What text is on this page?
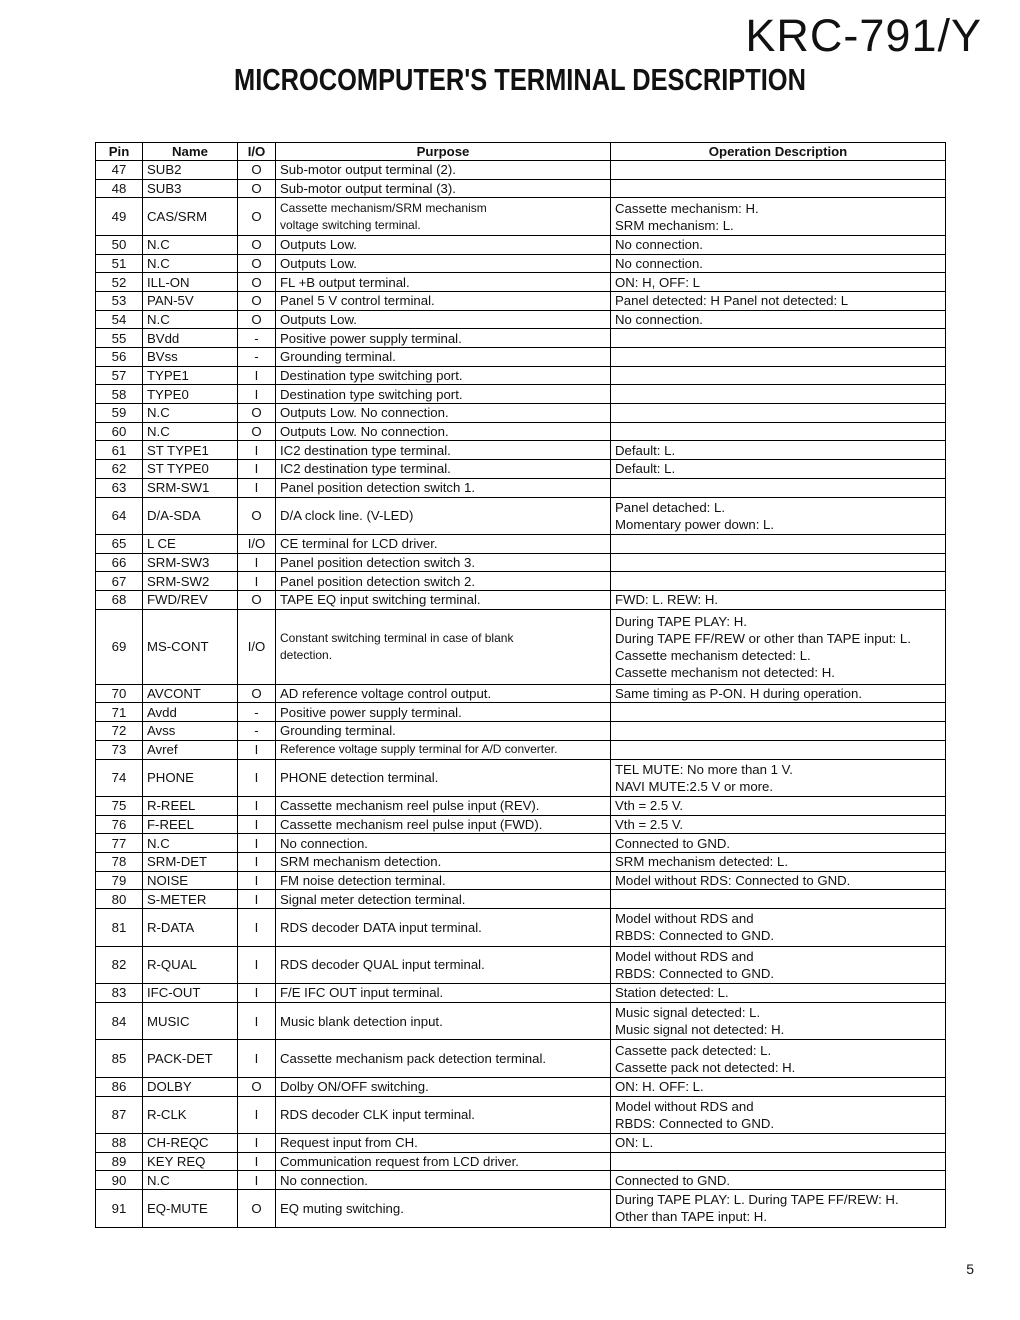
KRC-791/Y
MICROCOMPUTER'S TERMINAL DESCRIPTION
Pin	Name	I/O	Purpose	Operation Description
47	SUB2	O	Sub-motor output terminal (2).	
48	SUB3	O	Sub-motor output terminal (3).	
49	CAS/SRM	O	Cassette mechanism/SRM mechanism
voltage switching terminal.	Cassette mechanism: H.
SRM mechanism: L.
50	N.C	O	Outputs Low.	No connection.
51	N.C	O	Outputs Low.	No connection.
52	ILL-ON	O	FL +B output terminal.	ON: H, OFF: L
53	PAN-5V	O	Panel 5 V control terminal.	Panel detected: H Panel not detected: L
54	N.C	O	Outputs Low.	No connection.
55	BVdd	-	Positive power supply terminal.	
56	BVss	-	Grounding terminal.	
57	TYPE1	I	Destination type switching port.	
58	TYPE0	I	Destination type switching port.	
59	N.C	O	Outputs Low. No connection.	
60	N.C	O	Outputs Low. No connection.	
61	ST TYPE1	I	IC2 destination type terminal.	Default: L.
62	ST TYPE0	I	IC2 destination type terminal.	Default: L.
63	SRM-SW1	I	Panel position detection switch 1.	
64	D/A-SDA	O	D/A clock line. (V-LED)	Panel detached: L.
Momentary power down: L.
65	L CE	I/O	CE terminal for LCD driver.	
66	SRM-SW3	I	Panel position detection switch 3.	
67	SRM-SW2	I	Panel position detection switch 2.	
68	FWD/REV	O	TAPE EQ input switching terminal.	FWD: L. REW: H.
69	MS-CONT	I/O	Constant switching terminal in case of blank
detection.	During TAPE PLAY: H.
During TAPE FF/REW or other than TAPE input: L.
Cassette mechanism detected: L.
Cassette mechanism not detected: H.
70	AVCONT	O	AD reference voltage control output.	Same timing as P-ON. H during operation.
71	Avdd	-	Positive power supply terminal.	
72	Avss	-	Grounding terminal.	
73	Avref	I	Reference voltage supply terminal for A/D converter.	
74	PHONE	I	PHONE detection terminal.	TEL MUTE: No more than 1 V.
NAVI MUTE:2.5 V or more.
75	R-REEL	I	Cassette mechanism reel pulse input (REV).	Vth = 2.5 V.
76	F-REEL	I	Cassette mechanism reel pulse input (FWD).	Vth = 2.5 V.
77	N.C	I	No connection.	Connected to GND.
78	SRM-DET	I	SRM mechanism detection.	SRM mechanism detected: L.
79	NOISE	I	FM noise detection terminal.	Model without RDS: Connected to GND.
80	S-METER	I	Signal meter detection terminal.	
81	R-DATA	I	RDS decoder DATA input terminal.	Model without RDS and
RBDS: Connected to GND.
82	R-QUAL	I	RDS decoder QUAL input terminal.	Model without RDS and
RBDS: Connected to GND.
83	IFC-OUT	I	F/E IFC OUT input terminal.	Station detected: L.
84	MUSIC	I	Music blank detection input.	Music signal detected: L.
Music signal not detected: H.
85	PACK-DET	I	Cassette mechanism pack detection terminal.	Cassette pack detected: L.
Cassette pack not detected: H.
86	DOLBY	O	Dolby ON/OFF switching.	ON: H. OFF: L.
87	R-CLK	I	RDS decoder CLK input terminal.	Model without RDS and
RBDS: Connected to GND.
88	CH-REQC	I	Request input from CH.	ON: L.
89	KEY REQ	I	Communication request from LCD driver.	
90	N.C	I	No connection.	Connected to GND.
91	EQ-MUTE	O	EQ muting switching.	During TAPE PLAY: L. During TAPE FF/REW: H.
Other than TAPE input: H.
5
